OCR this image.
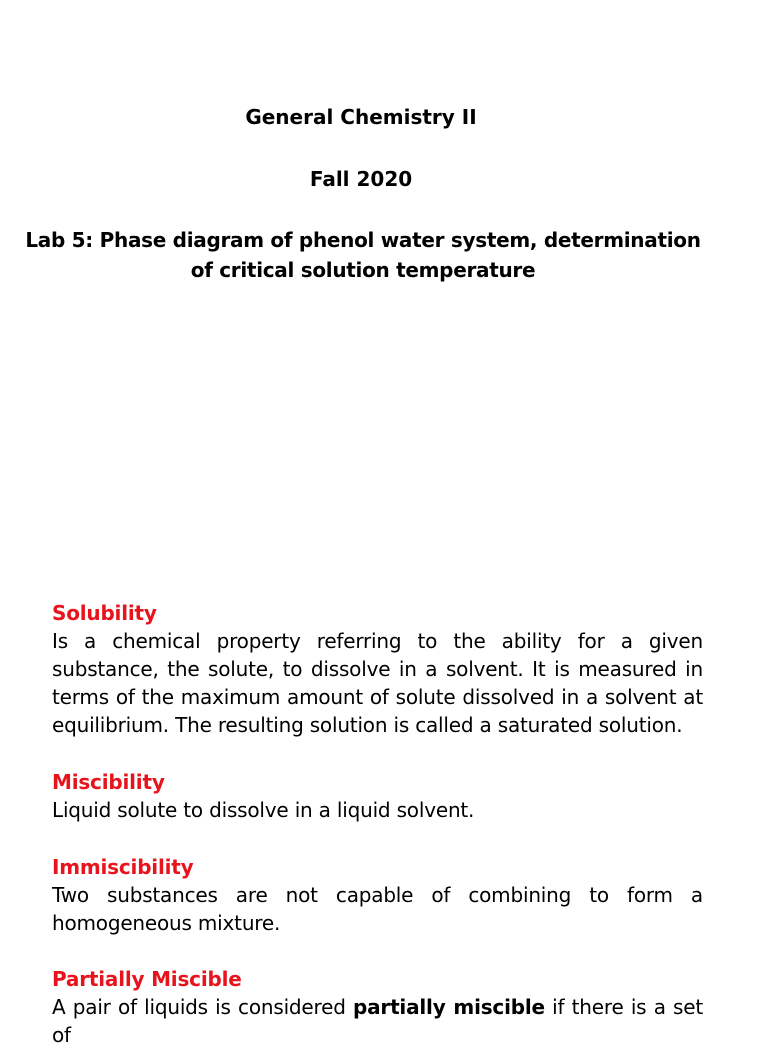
General Chemistry II
Fall 2020
Lab 5: Phase diagram of phenol water system, determination of critical solution temperature
Solubility
Is a chemical property referring to the ability for a given substance, the solute, to dissolve in a solvent. It is measured in terms of the maximum amount of solute dissolved in a solvent at equilibrium. The resulting solution is called a saturated solution.
Miscibility
Liquid solute to dissolve in a liquid solvent.
Immiscibility
Two substances are not capable of combining to form a homogeneous mixture.
Partially Miscible
A pair of liquids is considered partially miscible if there is a set of
